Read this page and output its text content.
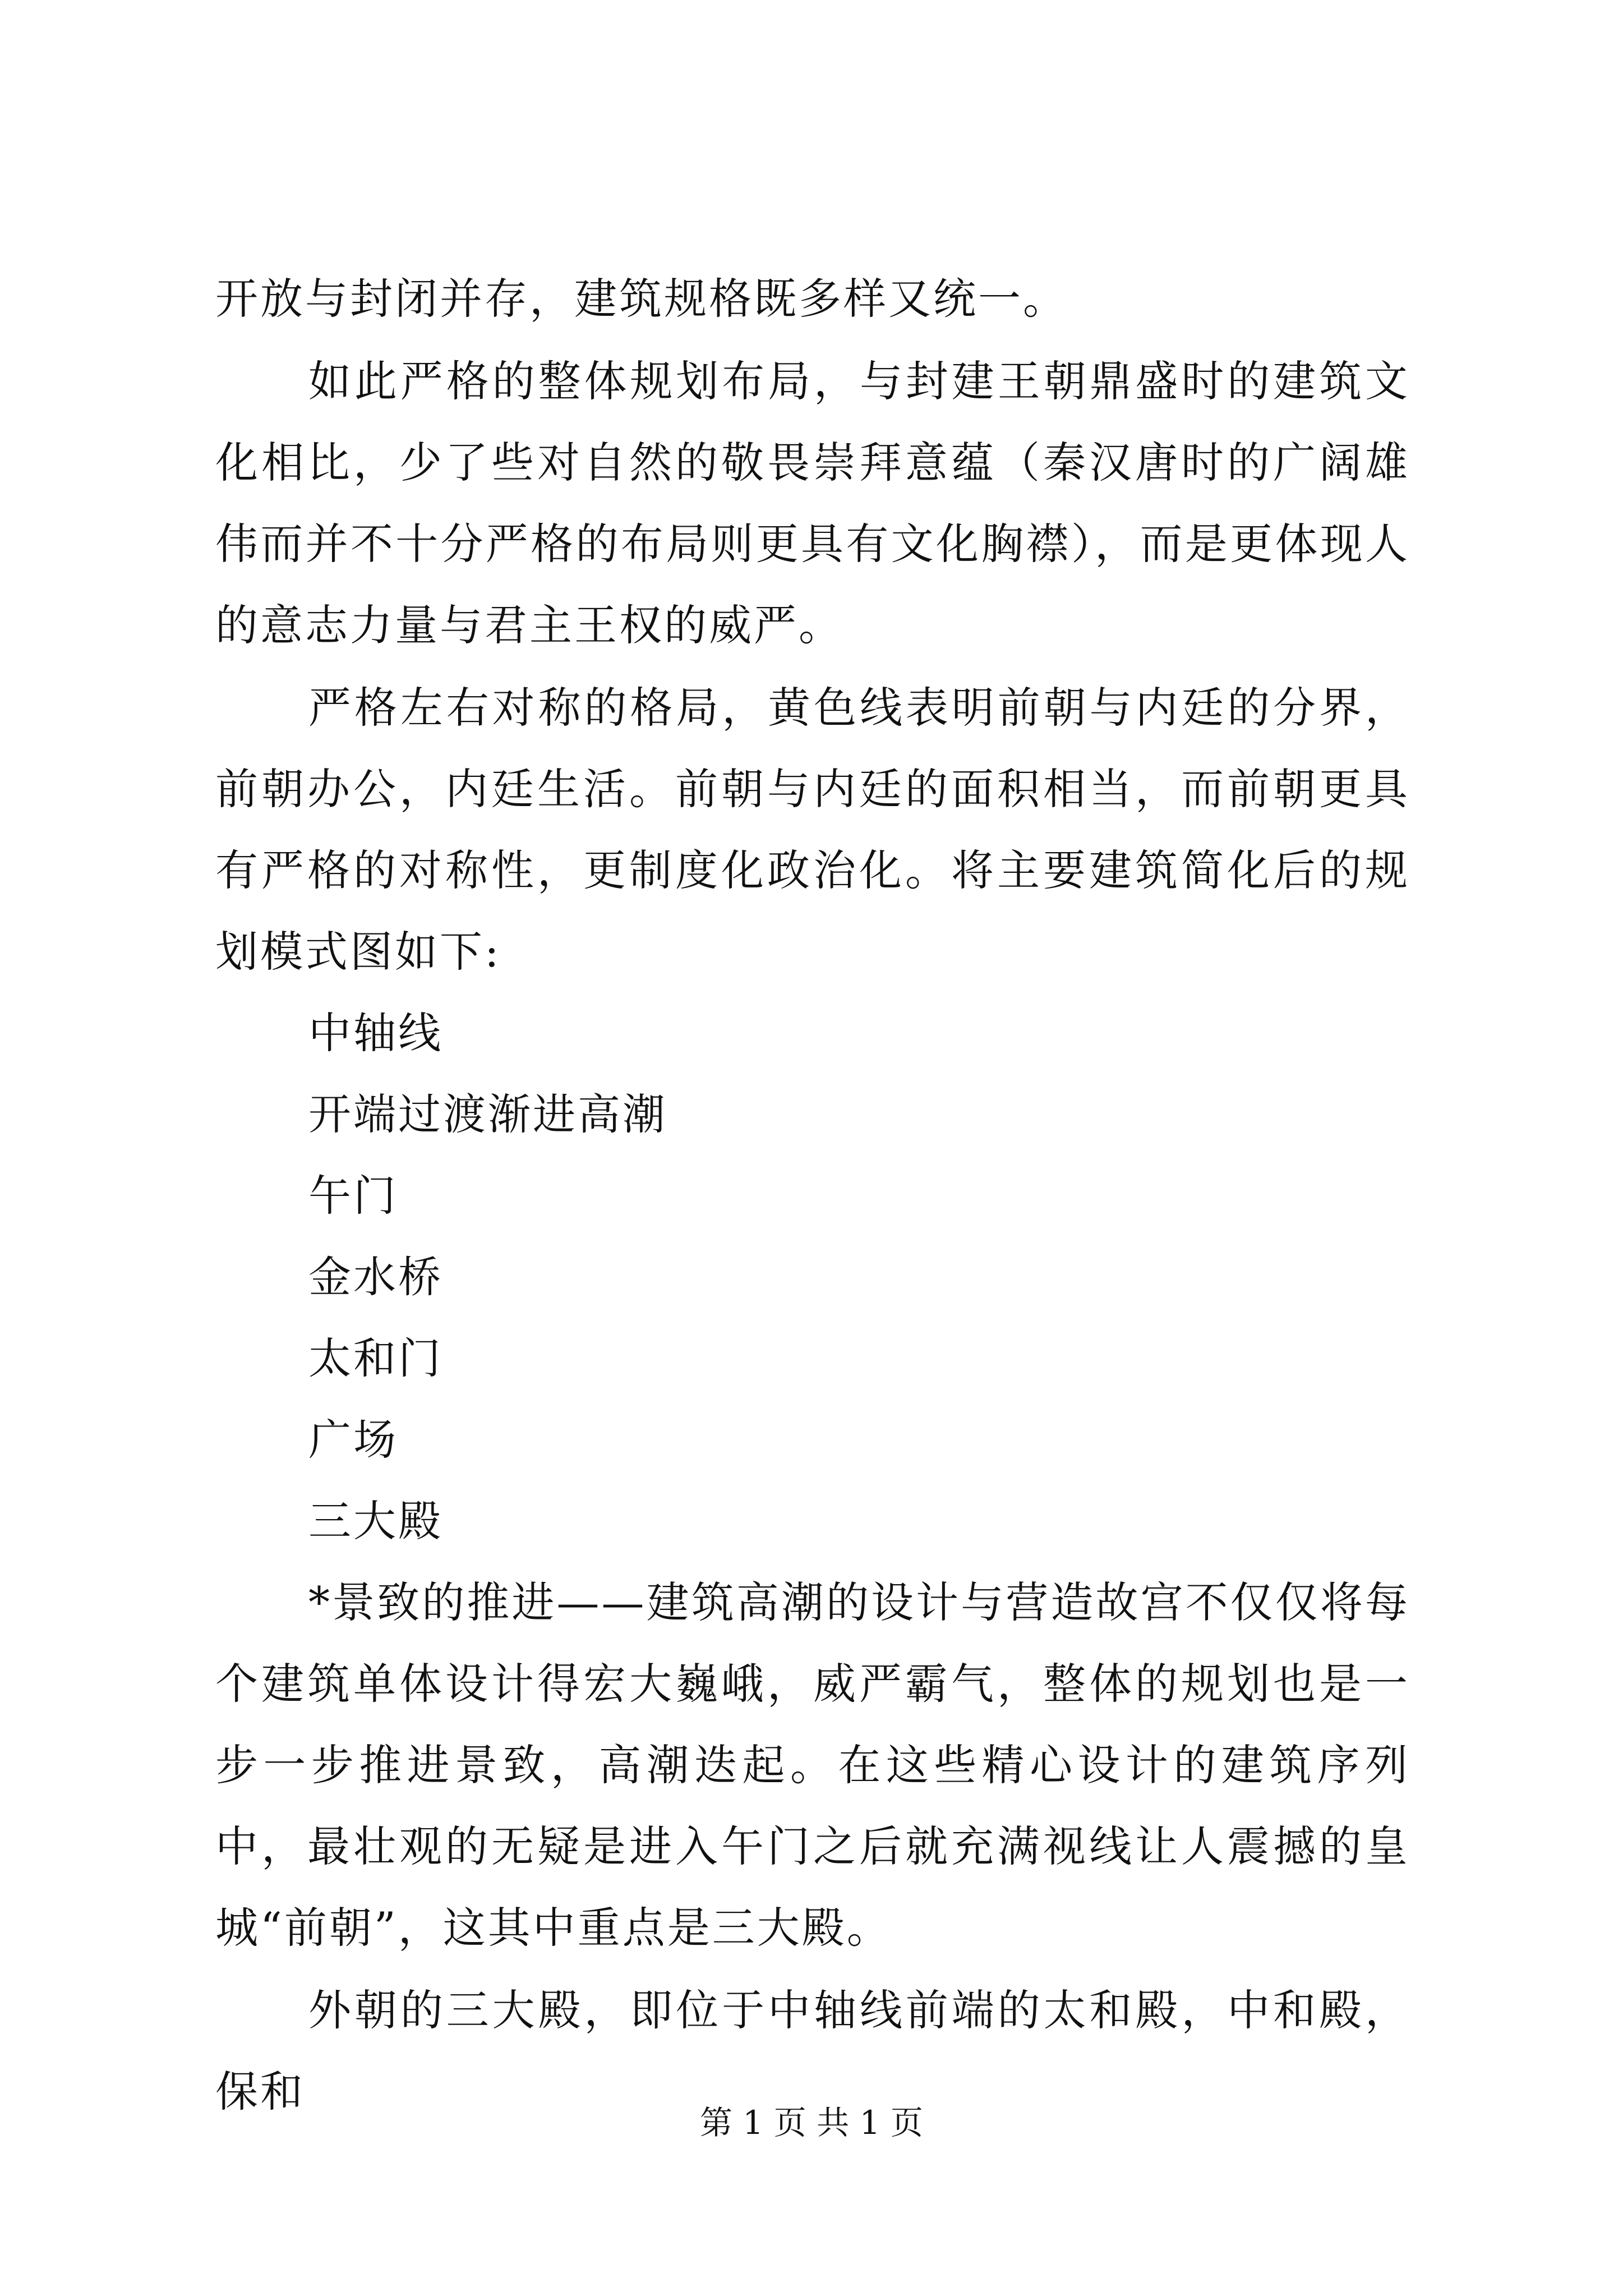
开放与封闭并存，建筑规格既多样又统一。

如此严格的整体规划布局，与封建王朝鼎盛时的建筑文化相比，少了些对自然的敬畏崇拜意蕴（秦汉唐时的广阔雄伟而并不十分严格的布局则更具有文化胸襟），而是更体现人的意志力量与君主王权的威严。

严格左右对称的格局，黄色线表明前朝与内廷的分界，前朝办公，内廷生活。前朝与内廷的面积相当，而前朝更具有严格的对称性，更制度化政治化。将主要建筑简化后的规划模式图如下:

中轴线

开端过渡渐进高潮

午门

金水桥

太和门

广场

三大殿

*景致的推进——建筑高潮的设计与营造故宫不仅仅将每个建筑单体设计得宏大巍峨，威严霸气，整体的规划也是一步一步推进景致，高潮迭起。在这些精心设计的建筑序列中，最壮观的无疑是进入午门之后就充满视线让人震撼的皇城“前朝”，这其中重点是三大殿。

外朝的三大殿，即位于中轴线前端的太和殿，中和殿，保和

第 1 页 共 1 页
